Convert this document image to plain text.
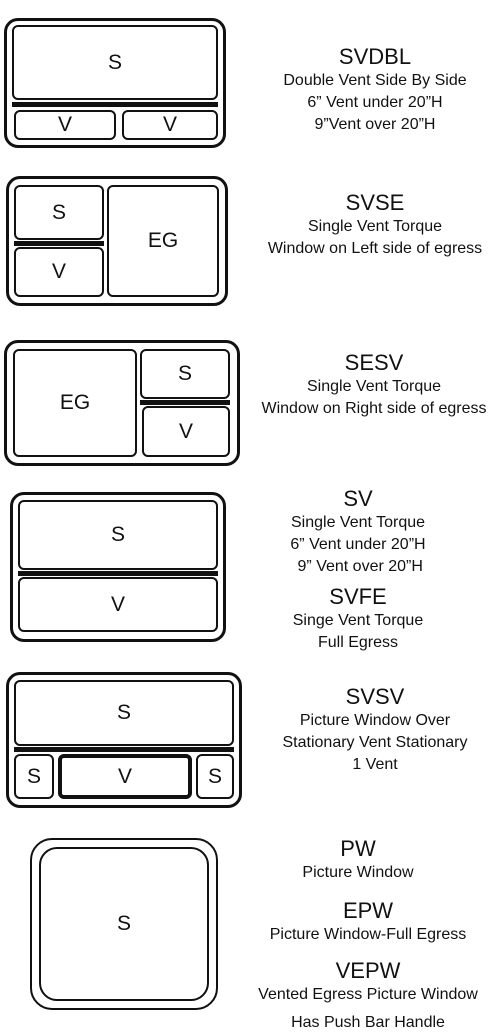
S
V	V
SVDBL
Double Vent Side By Side
6” Vent under 20”H
9”Vent over 20”H
S
V
EG
SVSE
Single Vent Torque
Window on Left side of egress
EG
S
V
SESV
Single Vent Torque
Window on Right side of egress
S
V
SV
Single Vent Torque
6” Vent under 20”H
9” Vent over 20”H
SVFE
Singe Vent Torque
Full Egress
S
S	V	S
SVSV
Picture Window Over
Stationary Vent Stationary
1 Vent
S
PW
Picture Window
EPW
Picture Window-Full Egress
VEPW
Vented Egress Picture Window
Has Push Bar Handle
